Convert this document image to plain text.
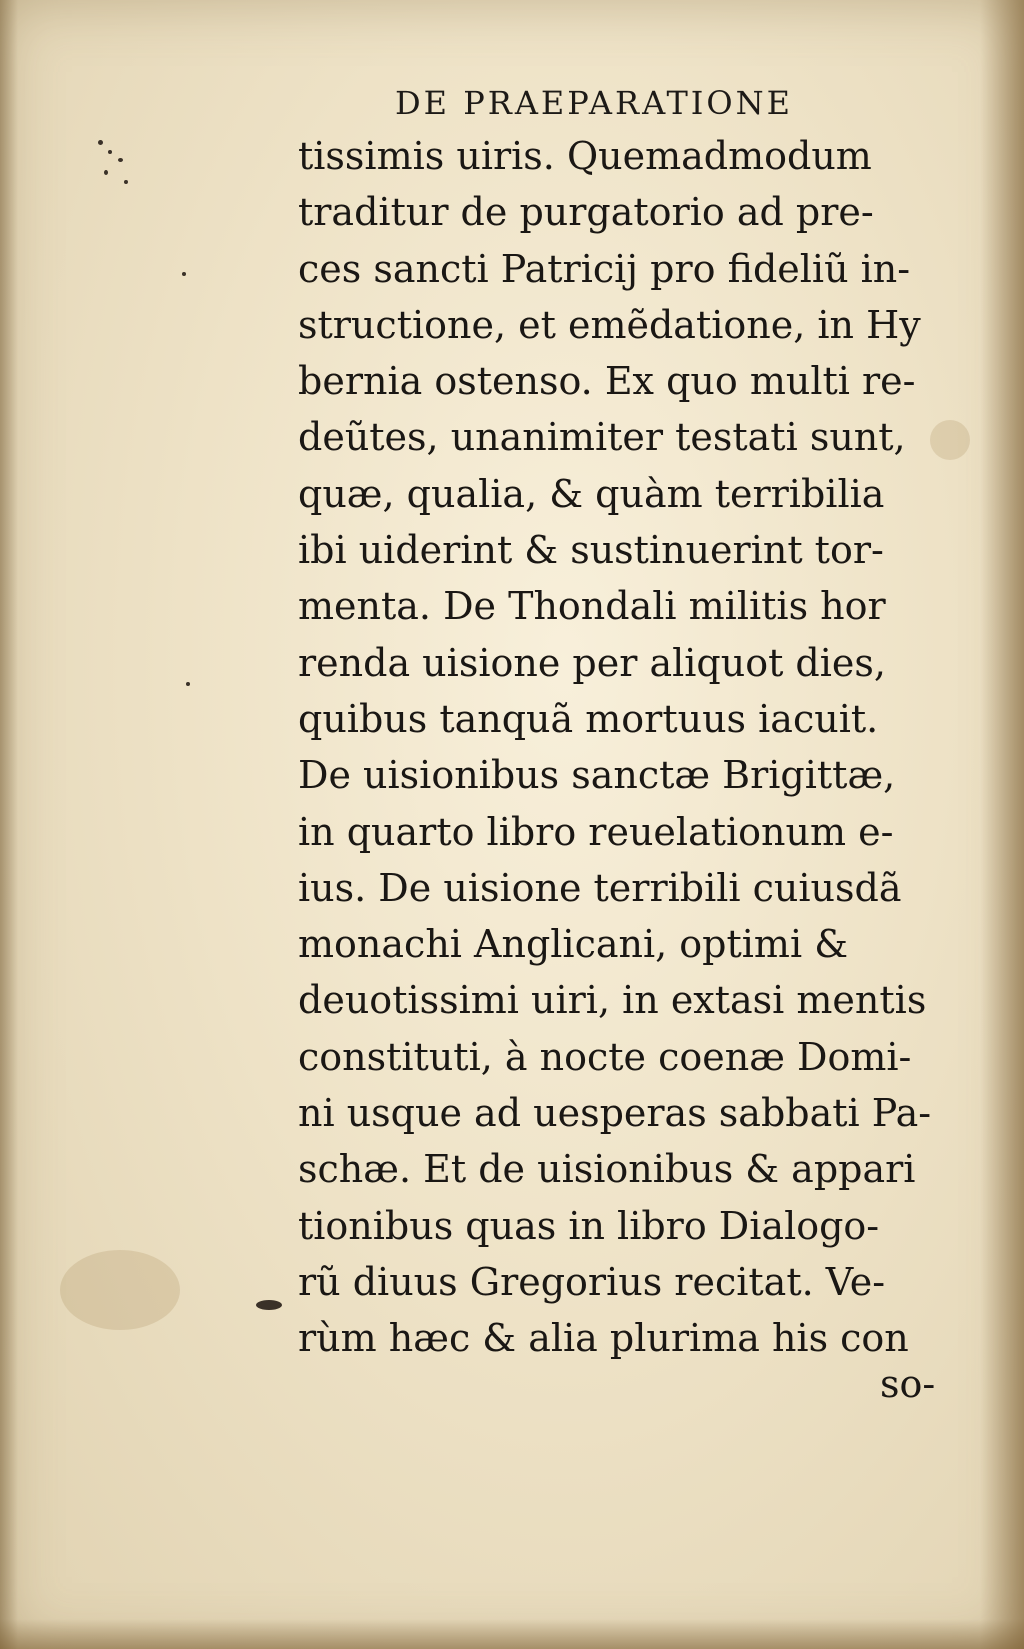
DE PRAEPARATIONE
tissimis uiris. Quemadmodum
traditur de purgatorio ad pre-
ces sancti Patricij pro fideliũ in-
structione, et emẽdatione, in Hy
bernia ostenso. Ex quo multi re-
deũtes, unanimiter testati sunt,
quæ, qualia, & quàm terribilia
ibi uiderint & sustinuerint tor-
menta. De Thondali militis hor
renda uisione per aliquot dies,
quibus tanquã mortuus iacuit.
De uisionibus sanctæ Brigittæ,
in quarto libro reuelationum e-
ius. De uisione terribili cuiusdã
monachi Anglicani, optimi &
deuotissimi uiri, in extasi mentis
constituti, à nocte coenæ Domi-
ni usque ad uesperas sabbati Pa-
schæ. Et de uisionibus & appari
tionibus quas in libro Dialogo-
rũ diuus Gregorius recitat. Ve-
rùm hæc & alia plurima his con
so-
